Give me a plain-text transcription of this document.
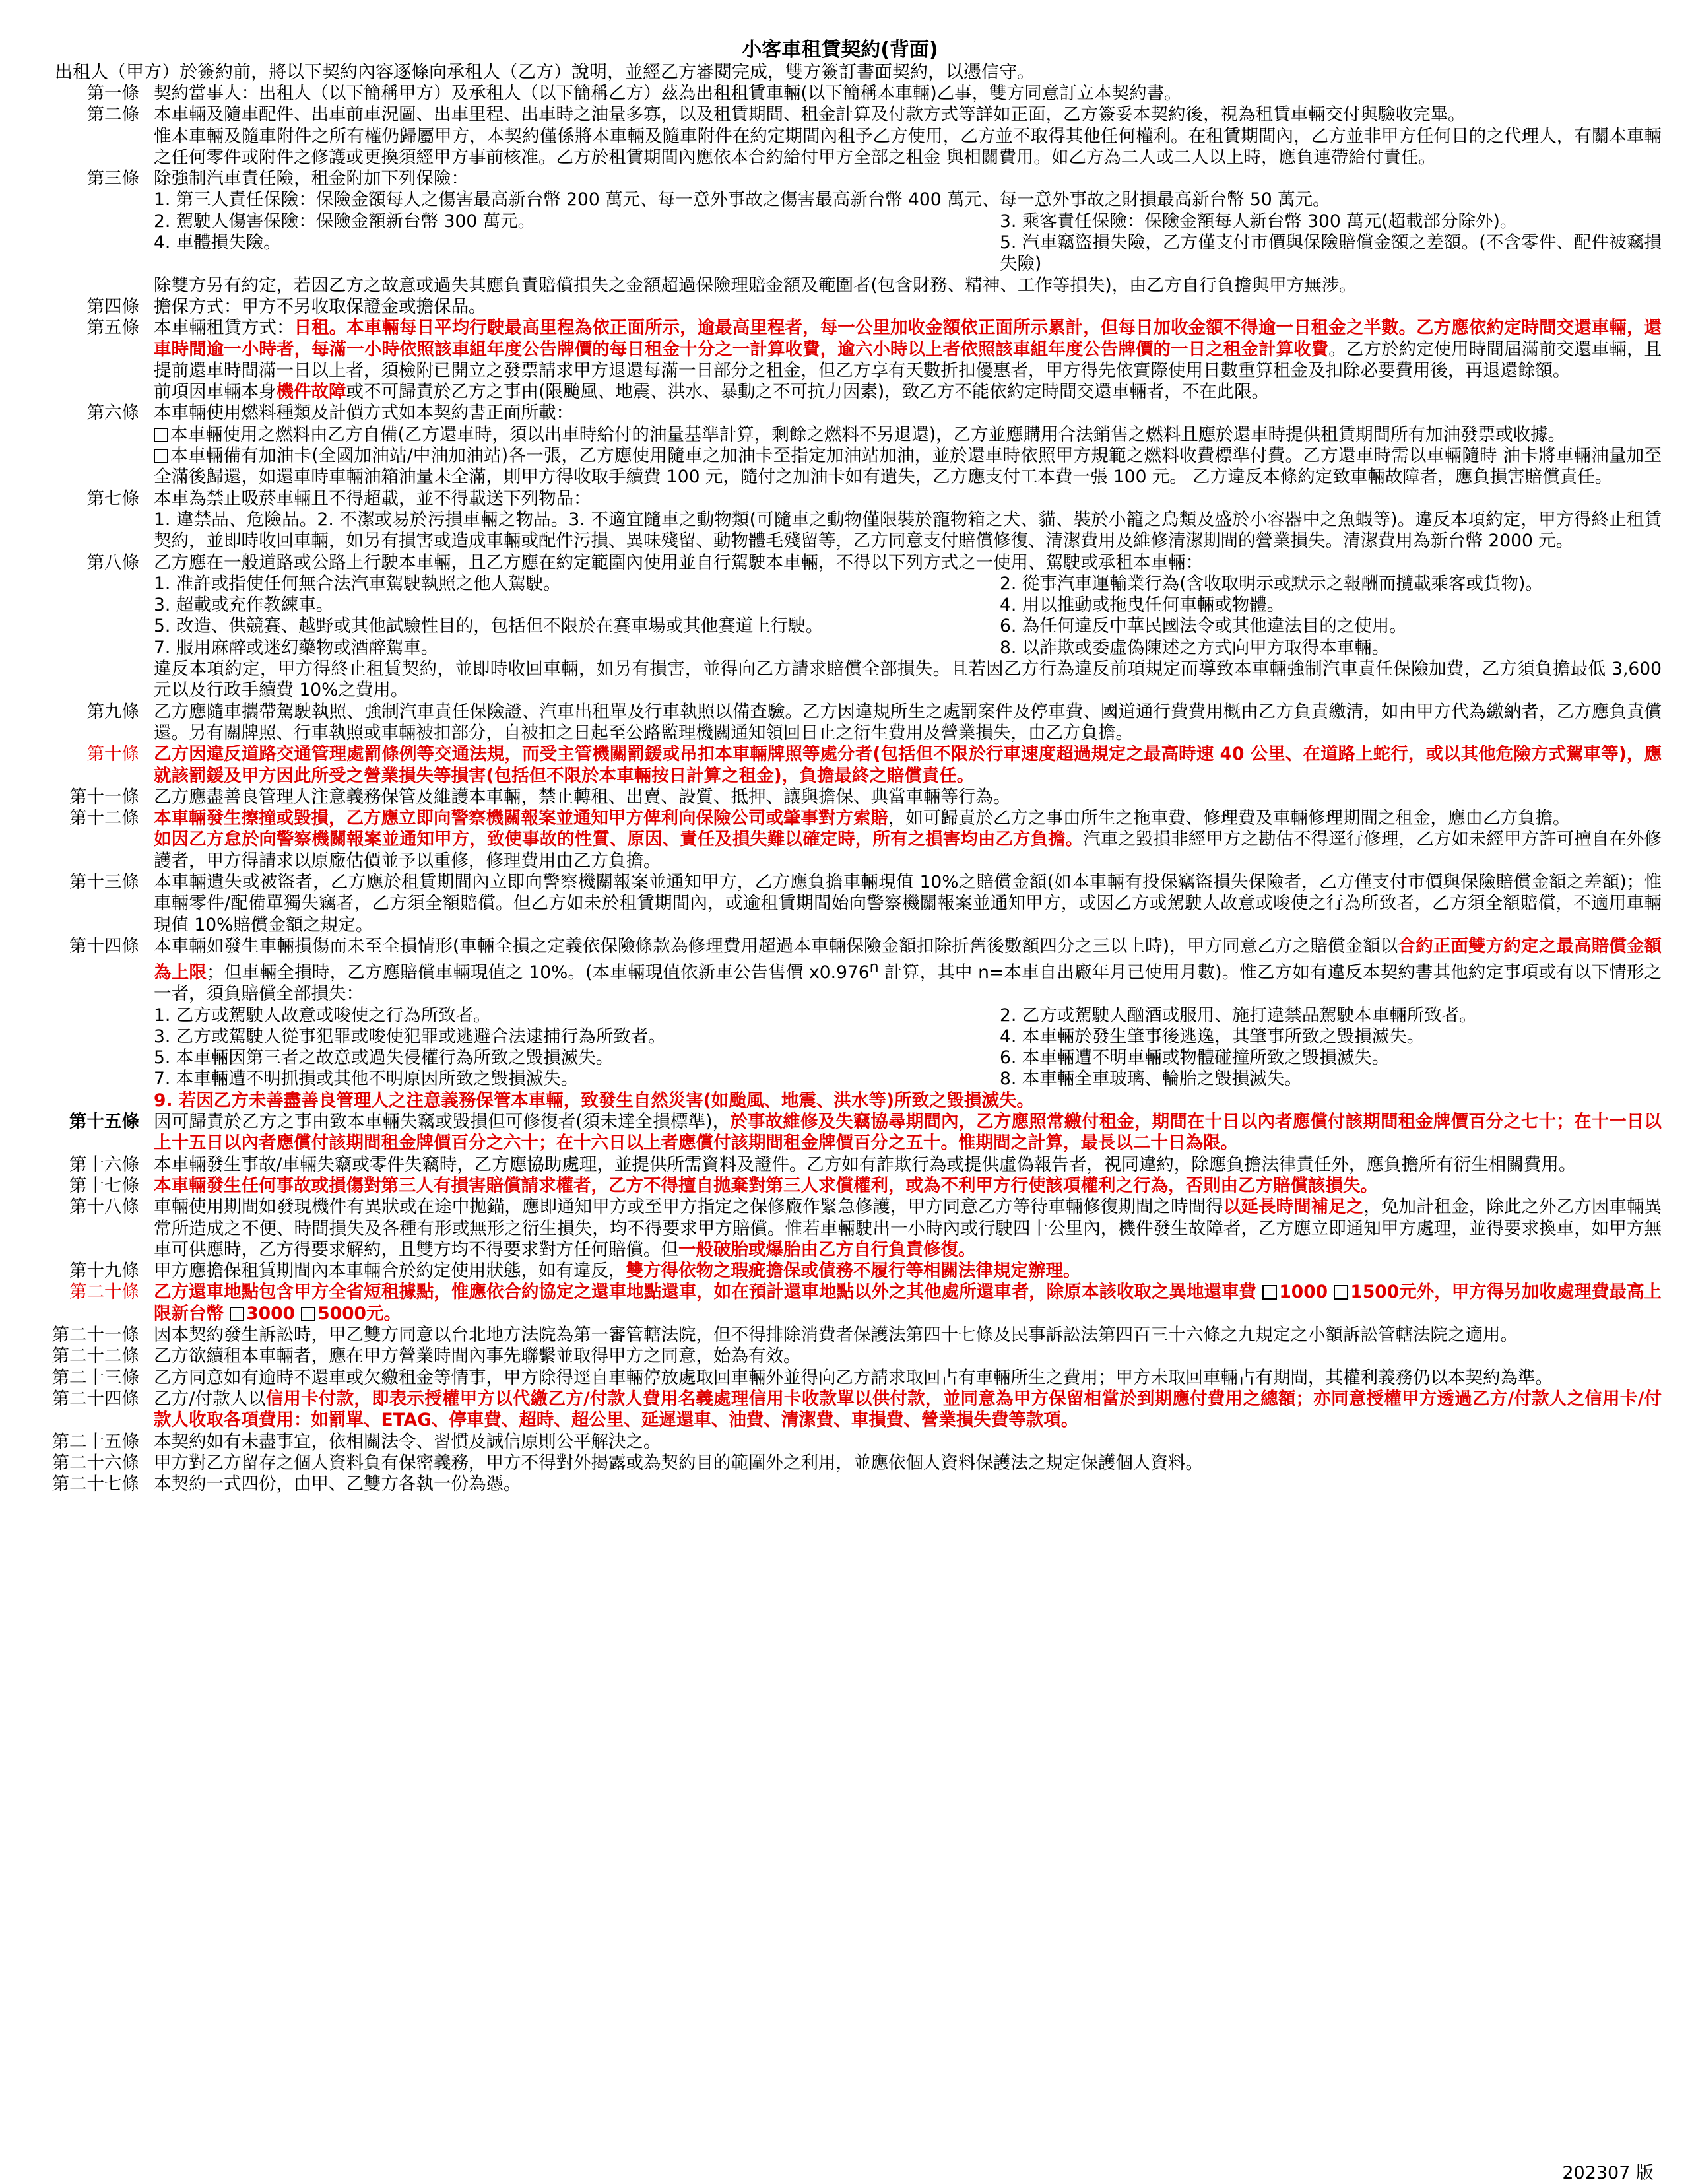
小客車租賃契約(背面)
出租人（甲方）於簽約前，將以下契約內容逐條向承租人（乙方）說明，並經乙方審閱完成，雙方簽訂書面契約，以憑信守。
第一條 契約當事人：出租人（以下簡稱甲方）及承租人（以下簡稱乙方）茲為出租租賃車輛(以下簡稱本車輛)乙事，雙方同意訂立本契約書。
第二條 本車輛及隨車配件、出車前車況圖、出車里程、出車時之油量多寡，以及租賃期間、租金計算及付款方式等詳如正面，乙方簽妥本契約後，視為租賃車輛交付與驗收完畢。

惟本車輛及隨車附件之所有權仍歸屬甲方，本契約僅係將本車輛及隨車附件在約定期間內租予乙方使用，乙方並不取得其他任何權利。在租賃期間內，乙方並非甲方任何目的之代理人，有關本車輛之任何零件或附件之修護或更換須經甲方事前核准。乙方於租賃期間內應依本合約給付甲方全部之租金 與相關費用。如乙方為二人或二人以上時，應負連帶給付責任。

第三條 除強制汽車責任險，租金附加下列保險：

1. 第三人責任保險：保險金額每人之傷害最高新台幣 200 萬元、每一意外事故之傷害最高新台幣 400 萬元、每一意外事故之財損最高新台幣 50 萬元。

2. 駕駛人傷害保險：保險金額新台幣 300 萬元。	3. 乘客責任保險：保險金額每人新台幣 300 萬元(超載部分除外)。
4. 車體損失險。	5. 汽車竊盜損失險，乙方僅支付市價與保險賠償金額之差額。(不含零件、配件被竊損失險)

除雙方另有約定，若因乙方之故意或過失其應負責賠償損失之金額超過保險理賠金額及範圍者(包含財務、精神、工作等損失)，由乙方自行負擔與甲方無涉。

第四條 擔保方式：甲方不另收取保證金或擔保品。
第五條 本車輛租賃方式：日租。本車輛每日平均行駛最高里程為依正面所示，逾最高里程者，每一公里加收金額依正面所示累計，但每日加收金額不得逾一日租金之半數。乙方應依約定時間交還車輛，還車時間逾一小時者，每滿一小時依照該車組年度公告牌價的每日租金十分之一計算收費，逾六小時以上者依照該車組年度公告牌價的一日之租金計算收費。乙方於約定使用時間屆滿前交還車輛，且提前還車時間滿一日以上者，須檢附已開立之發票請求甲方退還每滿一日部分之租金，但乙方享有天數折扣優惠者，甲方得先依實際使用日數重算租金及扣除必要費用後，再退還餘額。

前項因車輛本身機件故障或不可歸責於乙方之事由(限颱風、地震、洪水、暴動之不可抗力因素)，致乙方不能依約定時間交還車輛者，不在此限。

第六條 本車輛使用燃料種類及計價方式如本契約書正面所載：

本車輛使用之燃料由乙方自備(乙方還車時，須以出車時給付的油量基準計算，剩餘之燃料不另退還)，乙方並應購用合法銷售之燃料且應於還車時提供租賃期間所有加油發票或收據。

本車輛備有加油卡(全國加油站/中油加油站)各一張，乙方應使用隨車之加油卡至指定加油站加油，並於還車時依照甲方規範之燃料收費標準付費。乙方還車時需以車輛隨時 油卡將車輛油量加至全滿後歸還，如還車時車輛油箱油量未全滿，則甲方得收取手續費 100 元，隨付之加油卡如有遺失，乙方應支付工本費一張 100 元。 乙方違反本條約定致車輛故障者，應負損害賠償責任。

第七條 本車為禁止吸菸車輛且不得超載，並不得載送下列物品：

1. 違禁品、危險品。2. 不潔或易於污損車輛之物品。3. 不適宜隨車之動物類(可隨車之動物僅限裝於寵物箱之犬、貓、裝於小籠之鳥類及盛於小容器中之魚蝦等)。違反本項約定，甲方得終止租賃契約，並即時收回車輛，如另有損害或造成車輛或配件污損、異味殘留、動物體毛殘留等，乙方同意支付賠償修復、清潔費用及維修清潔期間的營業損失。清潔費用為新台幣 2000 元。

第八條 乙方應在一般道路或公路上行駛本車輛，且乙方應在約定範圍內使用並自行駕駛本車輛，不得以下列方式之一使用、駕駛或承租本車輛：

1. 准許或指使任何無合法汽車駕駛執照之他人駕駛。	2. 從事汽車運輸業行為(含收取明示或默示之報酬而攬載乘客或貨物)。
3. 超載或充作教練車。	4. 用以推動或拖曳任何車輛或物體。
5. 改造、供競賽、越野或其他試驗性目的，包括但不限於在賽車場或其他賽道上行駛。	6. 為任何違反中華民國法令或其他違法目的之使用。
7. 服用麻醉或迷幻藥物或酒醉駕車。	8. 以詐欺或委虛偽陳述之方式向甲方取得本車輛。

違反本項約定，甲方得終止租賃契約，並即時收回車輛，如另有損害，並得向乙方請求賠償全部損失。且若因乙方行為違反前項規定而導致本車輛強制汽車責任保險加費，乙方須負擔最低 3,600 元以及行政手續費 10%之費用。

第九條 乙方應隨車攜帶駕駛執照、強制汽車責任保險證、汽車出租單及行車執照以備查驗。乙方因違規所生之處罰案件及停車費、國道通行費費用概由乙方負責繳清，如由甲方代為繳納者，乙方應負責償還。另有關牌照、行車執照或車輛被扣部分，自被扣之日起至公路監理機關通知領回日止之衍生費用及營業損失，由乙方負擔。
第十條 乙方因違反道路交通管理處罰條例等交通法規，而受主管機關罰鍰或吊扣本車輛牌照等處分者(包括但不限於行車速度超過規定之最高時速 40 公里、在道路上蛇行，或以其他危險方式駕車等)，應就該罰鍰及甲方因此所受之營業損失等損害(包括但不限於本車輛按日計算之租金)，負擔最終之賠償責任。
第十一條 乙方應盡善良管理人注意義務保管及維護本車輛，禁止轉租、出賣、設質、抵押、讓與擔保、典當車輛等行為。
第十二條 本車輛發生擦撞或毀損，乙方應立即向警察機關報案並通知甲方俾利向保險公司或肇事對方索賠，如可歸責於乙方之事由所生之拖車費、修理費及車輛修理期間之租金，應由乙方負擔。

如因乙方怠於向警察機關報案並通知甲方，致使事故的性質、原因、責任及損失難以確定時，所有之損害均由乙方負擔。汽車之毀損非經甲方之勘估不得逕行修理，乙方如未經甲方許可擅自在外修護者，甲方得請求以原廠估價並予以重修，修理費用由乙方負擔。

第十三條 本車輛遺失或被盜者，乙方應於租賃期間內立即向警察機關報案並通知甲方，乙方應負擔車輛現值 10%之賠償金額(如本車輛有投保竊盜損失保險者，乙方僅支付市價與保險賠償金額之差額)；惟車輛零件/配備單獨失竊者，乙方須全額賠償。但乙方如未於租賃期間內，或逾租賃期間始向警察機關報案並通知甲方，或因乙方或駕駛人故意或唆使之行為所致者，乙方須全額賠償，不適用車輛現值 10%賠償金額之規定。
第十四條 本車輛如發生車輛損傷而未至全損情形(車輛全損之定義依保險條款為修理費用超過本車輛保險金額扣除折舊後數額四分之三以上時)，甲方同意乙方之賠償金額以合約正面雙方約定之最高賠償金額為上限；但車輛全損時，乙方應賠償車輛現值之 10%。(本車輛現值依新車公告售價 x0.976$^n$ 計算，其中 n=本車自出廠年月已使用月數)。惟乙方如有違反本契約書其他約定事項或有以下情形之一者，須負賠償全部損失：

1. 乙方或駕駛人故意或唆使之行為所致者。	2. 乙方或駕駛人酗酒或服用、施打違禁品駕駛本車輛所致者。
3. 乙方或駕駛人從事犯罪或唆使犯罪或逃避合法逮捕行為所致者。	4. 本車輛於發生肇事後逃逸，其肇事所致之毀損滅失。
5. 本車輛因第三者之故意或過失侵權行為所致之毀損滅失。	6. 本車輛遭不明車輛或物體碰撞所致之毀損滅失。
7. 本車輛遭不明抓損或其他不明原因所致之毀損滅失。	8. 本車輛全車玻璃、輪胎之毀損滅失。

9. 若因乙方未善盡善良管理人之注意義務保管本車輛，致發生自然災害(如颱風、地震、洪水等)所致之毀損滅失。

第十五條 因可歸責於乙方之事由致本車輛失竊或毀損但可修復者(須未達全損標準)，於事故維修及失竊協尋期間內，乙方應照常繳付租金，期間在十日以內者應償付該期間租金牌價百分之七十；在十一日以上十五日以內者應償付該期間租金牌價百分之六十；在十六日以上者應償付該期間租金牌價百分之五十。惟期間之計算，最長以二十日為限。
第十六條 本車輛發生事故/車輛失竊或零件失竊時，乙方應協助處理，並提供所需資料及證件。乙方如有詐欺行為或提供虛偽報告者，視同違約，除應負擔法律責任外，應負擔所有衍生相關費用。
第十七條 本車輛發生任何事故或損傷對第三人有損害賠償請求權者，乙方不得擅自拋棄對第三人求償權利，或為不利甲方行使該項權利之行為，否則由乙方賠償該損失。
第十八條 車輛使用期間如發現機件有異狀或在途中拋錨，應即通知甲方或至甲方指定之保修廠作緊急修護，甲方同意乙方等待車輛修復期間之時間得以延長時間補足之，免加計租金，除此之外乙方因車輛異常所造成之不便、時間損失及各種有形或無形之衍生損失，均不得要求甲方賠償。惟若車輛駛出一小時內或行駛四十公里內，機件發生故障者，乙方應立即通知甲方處理，並得要求換車，如甲方無車可供應時，乙方得要求解約，且雙方均不得要求對方任何賠償。但一般破胎或爆胎由乙方自行負責修復。
第十九條 甲方應擔保租賃期間內本車輛合於約定使用狀態，如有違反，雙方得依物之瑕疵擔保或債務不履行等相關法律規定辦理。
第二十條 乙方還車地點包含甲方全省短租據點，惟應依合約協定之還車地點還車，如在預計還車地點以外之其他處所還車者，除原本該收取之異地還車費 1000 1500元外，甲方得另加收處理費最高上限新台幣 3000 5000元。
第二十一條 因本契約發生訴訟時，甲乙雙方同意以台北地方法院為第一審管轄法院，但不得排除消費者保護法第四十七條及民事訴訟法第四百三十六條之九規定之小額訴訟管轄法院之適用。
第二十二條 乙方欲續租本車輛者，應在甲方營業時間內事先聯繫並取得甲方之同意，始為有效。
第二十三條 乙方同意如有逾時不還車或欠繳租金等情事，甲方除得逕自車輛停放處取回車輛外並得向乙方請求取回占有車輛所生之費用；甲方未取回車輛占有期間，其權利義務仍以本契約為準。
第二十四條 乙方/付款人以信用卡付款，即表示授權甲方以代繳乙方/付款人費用名義處理信用卡收款單以供付款，並同意為甲方保留相當於到期應付費用之總額；亦同意授權甲方透過乙方/付款人之信用卡/付款人收取各項費用：如罰單、ETAG、停車費、超時、超公里、延遲還車、油費、清潔費、車損費、營業損失費等款項。
第二十五條 本契約如有未盡事宜，依相關法令、習慣及誠信原則公平解決之。
第二十六條 甲方對乙方留存之個人資料負有保密義務，甲方不得對外揭露或為契約目的範圍外之利用，並應依個人資料保護法之規定保護個人資料。
第二十七條 本契約一式四份，由甲、乙雙方各執一份為憑。
202307 版
